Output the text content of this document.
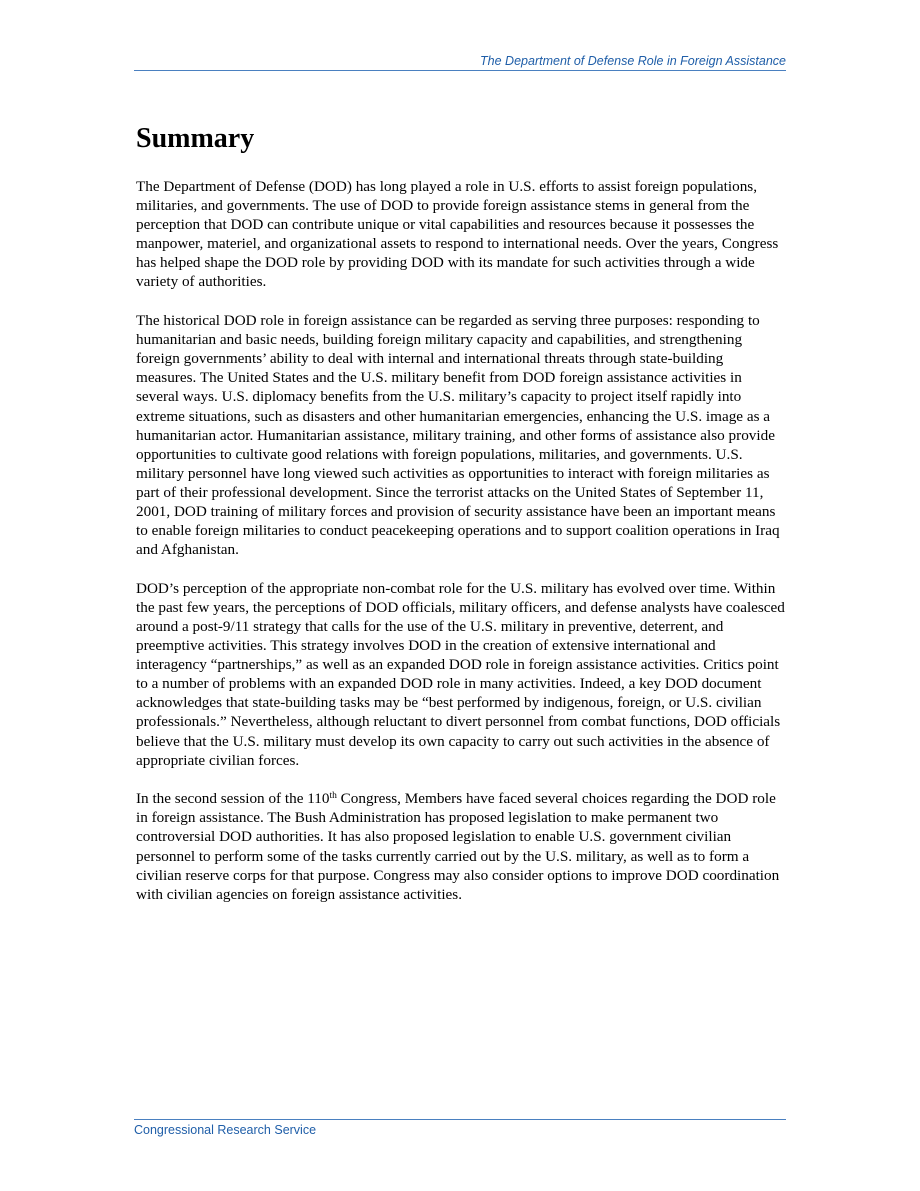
The Department of Defense Role in Foreign Assistance
Summary

The Department of Defense (DOD) has long played a role in U.S. efforts to assist foreign populations, militaries, and governments. The use of DOD to provide foreign assistance stems in general from the perception that DOD can contribute unique or vital capabilities and resources because it possesses the manpower, materiel, and organizational assets to respond to international needs. Over the years, Congress has helped shape the DOD role by providing DOD with its mandate for such activities through a wide variety of authorities.

The historical DOD role in foreign assistance can be regarded as serving three purposes: responding to humanitarian and basic needs, building foreign military capacity and capabilities, and strengthening foreign governments’ ability to deal with internal and international threats through state-building measures. The United States and the U.S. military benefit from DOD foreign assistance activities in several ways. U.S. diplomacy benefits from the U.S. military’s capacity to project itself rapidly into extreme situations, such as disasters and other humanitarian emergencies, enhancing the U.S. image as a humanitarian actor. Humanitarian assistance, military training, and other forms of assistance also provide opportunities to cultivate good relations with foreign populations, militaries, and governments. U.S. military personnel have long viewed such activities as opportunities to interact with foreign militaries as part of their professional development. Since the terrorist attacks on the United States of September 11, 2001, DOD training of military forces and provision of security assistance have been an important means to enable foreign militaries to conduct peacekeeping operations and to support coalition operations in Iraq and Afghanistan.

DOD’s perception of the appropriate non-combat role for the U.S. military has evolved over time. Within the past few years, the perceptions of DOD officials, military officers, and defense analysts have coalesced around a post-9/11 strategy that calls for the use of the U.S. military in preventive, deterrent, and preemptive activities. This strategy involves DOD in the creation of extensive international and interagency “partnerships,” as well as an expanded DOD role in foreign assistance activities. Critics point to a number of problems with an expanded DOD role in many activities. Indeed, a key DOD document acknowledges that state-building tasks may be “best performed by indigenous, foreign, or U.S. civilian professionals.” Nevertheless, although reluctant to divert personnel from combat functions, DOD officials believe that the U.S. military must develop its own capacity to carry out such activities in the absence of appropriate civilian forces.

In the second session of the 110th Congress, Members have faced several choices regarding the DOD role in foreign assistance. The Bush Administration has proposed legislation to make permanent two controversial DOD authorities. It has also proposed legislation to enable U.S. government civilian personnel to perform some of the tasks currently carried out by the U.S. military, as well as to form a civilian reserve corps for that purpose. Congress may also consider options to improve DOD coordination with civilian agencies on foreign assistance activities.

Congressional Research Service
